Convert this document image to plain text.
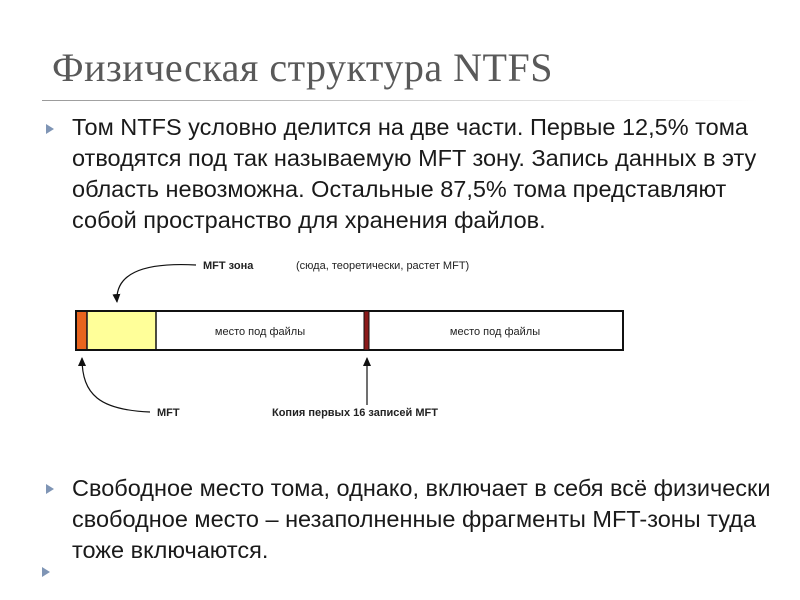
Физическая структура NTFS

Том NTFS условно делится на две части. Первые 12,5% тома отводятся под так называемую MFT зону. Запись данных в эту область невозможна. Остальные 87,5% тома представляют собой пространство для хранения файлов.

место под файлы	место под файлы
MFT зона	(сюда, теоретически, растет MFT)
MFT	Копия первых 16 записей MFT

Свободное место тома, однако, включает в себя всё физически свободное место – незаполненные фрагменты MFT-зоны туда тоже включаются.
